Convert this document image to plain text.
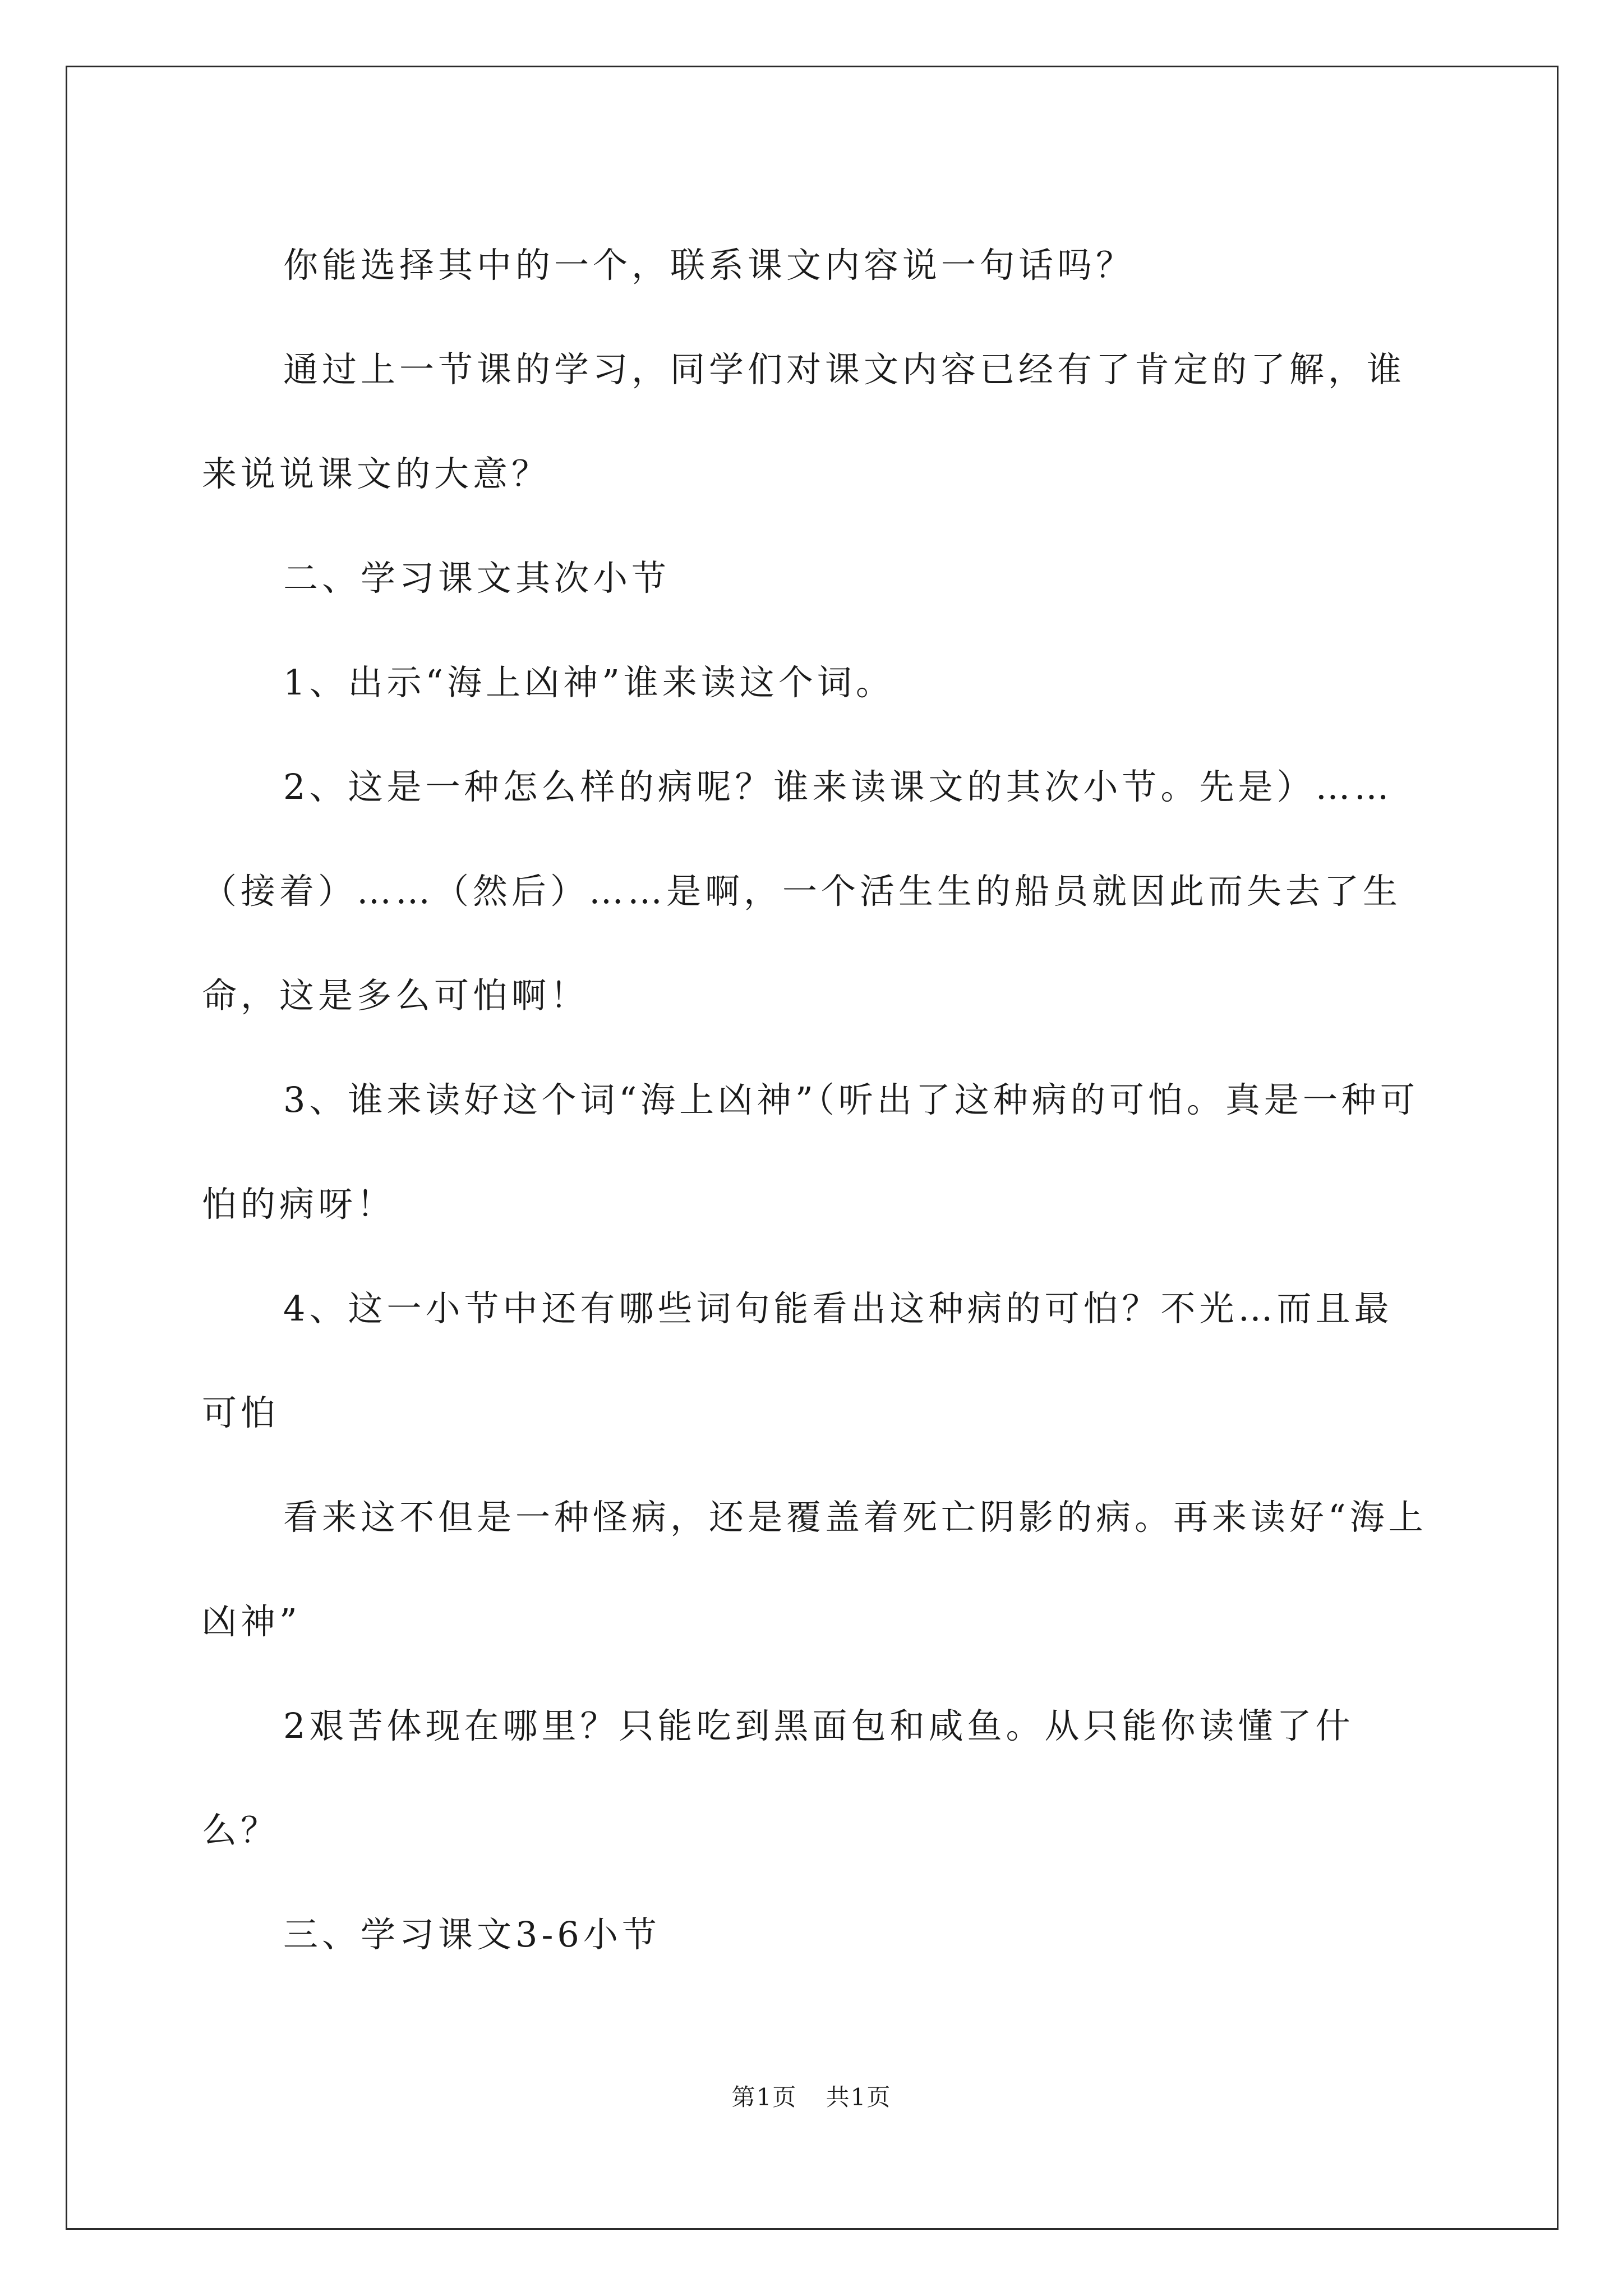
你能选择其中的一个，联系课文内容说一句话吗？

通过上一节课的学习，同学们对课文内容已经有了肯定的了解，谁来说说课文的大意？

二、学习课文其次小节

1、出示“海上凶神”谁来读这个词。

2、这是一种怎么样的病呢？谁来读课文的其次小节。先是）……（接着）……（然后）……是啊，一个活生生的船员就因此而失去了生命，这是多么可怕啊！

3、谁来读好这个词“海上凶神”（听出了这种病的可怕。真是一种可怕的病呀！

4、这一小节中还有哪些词句能看出这种病的可怕？不光…而且最可怕

看来这不但是一种怪病，还是覆盖着死亡阴影的病。再来读好“海上凶神”

2艰苦体现在哪里？只能吃到黑面包和咸鱼。从只能你读懂了什么？

三、学习课文3-6小节

第1页 共1页
